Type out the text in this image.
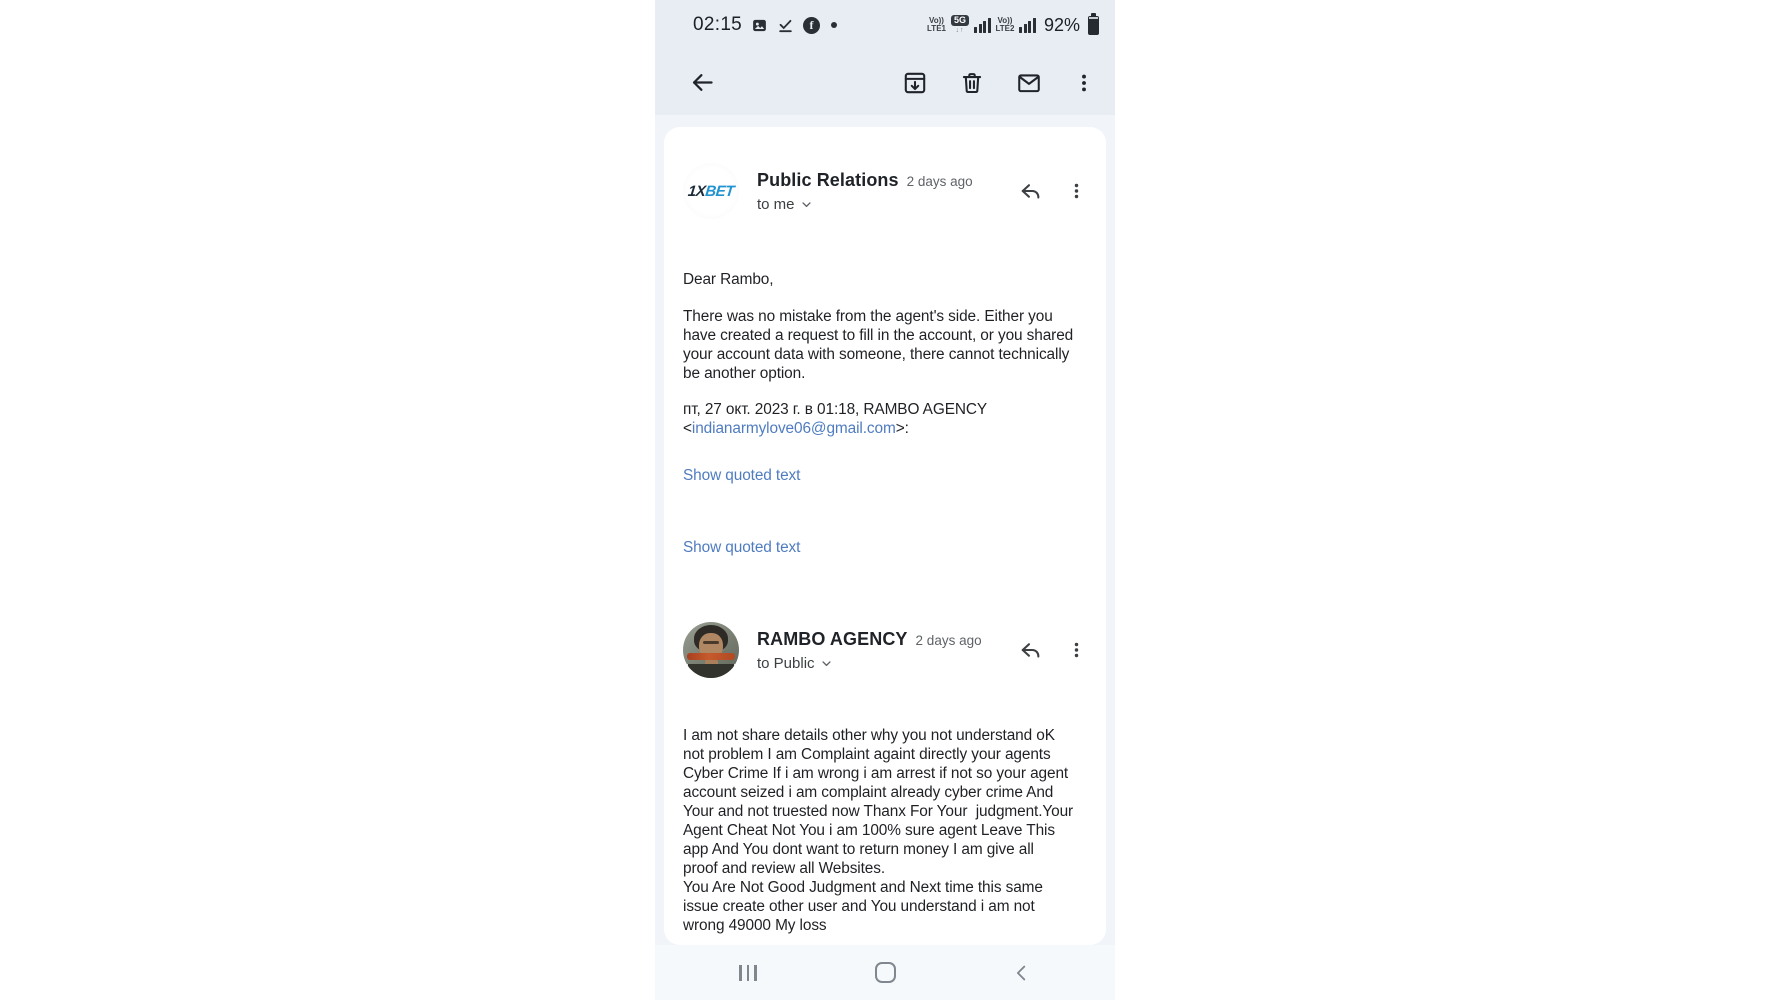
02:15	f	Vo))
LTE1
5G
↓↑
Vo))
LTE2 92%
1XBET
Public Relations 2 days ago
to me
Dear Rambo,
There was no mistake from the agent's side. Either you
have created a request to fill in the account, or you shared
your account data with someone, there cannot technically
be another option.
пт, 27 окт. 2023 г. в 01:18, RAMBO AGENCY
<indianarmylove06@gmail.com>:
Show quoted text
Show quoted text
RAMBO AGENCY 2 days ago
to Public
I am not share details other why you not understand oK
not problem I am Complaint againt directly your agents
Cyber Crime If i am wrong i am arrest if not so your agent
account seized i am complaint already cyber crime And
Your and not truested now Thanx For Your  judgment.Your
Agent Cheat Not You i am 100% sure agent Leave This
app And You dont want to return money I am give all
proof and review all Websites.
You Are Not Good Judgment and Next time this same
issue create other user and You understand i am not
wrong 49000 My loss
